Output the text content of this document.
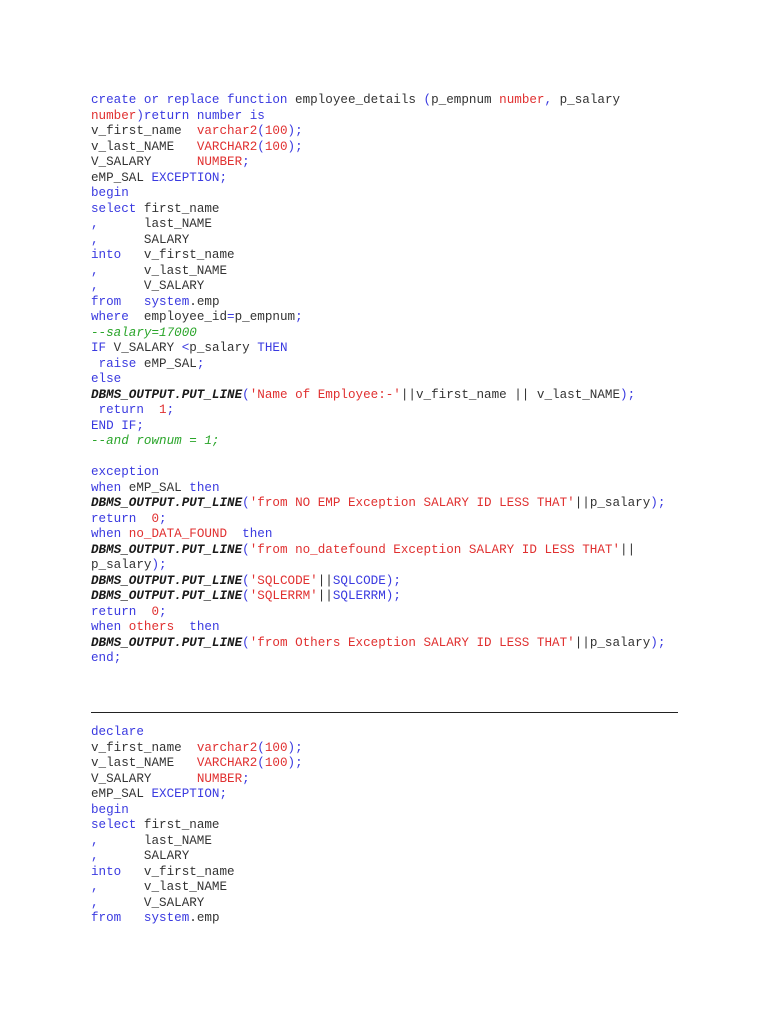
create or replace function employee_details (p_empnum number, p_salary
number)return number is
v_first_name  varchar2(100);
v_last_NAME   VARCHAR2(100);
V_SALARY      NUMBER;
eMP_SAL EXCEPTION;
begin
select first_name
,      last_NAME
,      SALARY
into   v_first_name
,      v_last_NAME
,      V_SALARY
from system.emp
where  employee_id=p_empnum;
--salary=17000
IF V_SALARY <p_salary THEN
raise eMP_SAL;
else
DBMS_OUTPUT.PUT_LINE('Name of Employee:-'||v_first_name || v_last_NAME);
return 1;
END IF;
--and rownum = 1;

exception
when eMP_SAL then
DBMS_OUTPUT.PUT_LINE('from NO EMP Exception SALARY ID LESS THAT'||p_salary);
return 0;
when no_DATA_FOUND then
DBMS_OUTPUT.PUT_LINE('from no_datefound Exception SALARY ID LESS THAT'||
p_salary);
DBMS_OUTPUT.PUT_LINE('SQLCODE'||SQLCODE);
DBMS_OUTPUT.PUT_LINE('SQLERRM'||SQLERRM);
return 0;
when others then
DBMS_OUTPUT.PUT_LINE('from Others Exception SALARY ID LESS THAT'||p_salary);
end;
declare
v_first_name  varchar2(100);
v_last_NAME   VARCHAR2(100);
V_SALARY      NUMBER;
eMP_SAL EXCEPTION;
begin
select first_name
,      last_NAME
,      SALARY
into   v_first_name
,      v_last_NAME
,      V_SALARY
from system.emp
